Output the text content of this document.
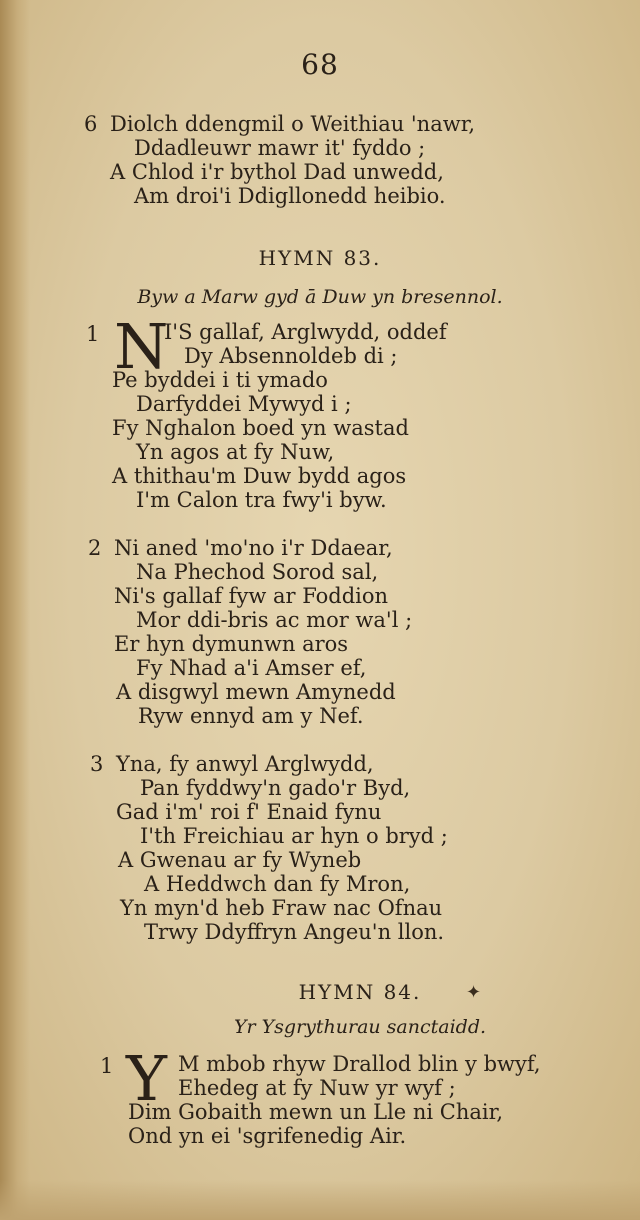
68
6 Diolch ddengmil o Weithiau 'nawr,
Ddadleuwr mawr it' fyddo ;
A Chlod i'r bythol Dad unwedd,
Am droi'i Ddigllonedd heibio.
HYMN 83.
Byw a Marw gyd ā Duw yn bresennol.
1 N
I'S gallaf, Arglwydd, oddef
Dy Absennoldeb di ;
Pe byddei i ti ymado
Darfyddei Mywyd i ;
Fy Nghalon boed yn wastad
Yn agos at fy Nuw,
A thithau'm Duw bydd agos
I'm Calon tra fwy'i byw.
2 Ni aned 'mo'no i'r Ddaear,
Na Phechod Sorod sal,
Ni's gallaf fyw ar Foddion
Mor ddi-bris ac mor wa'l ;
Er hyn dymunwn aros
Fy Nhad a'i Amser ef,
A disgwyl mewn Amynedd
Ryw ennyd am y Nef.
3 Yna, fy anwyl Arglwydd,
Pan fyddwy'n gado'r Byd,
Gad i'm' roi f' Enaid fynu
I'th Freichiau ar hyn o bryd ;
A Gwenau ar fy Wyneb
A Heddwch dan fy Mron,
Yn myn'd heb Fraw nac Ofnau
Trwy Ddyffryn Angeu'n llon.
HYMN 84.	✦
Yr Ysgrythurau sanctaidd.
1 Y M mbob rhyw Drallod blin y bwyf,
Ehedeg at fy Nuw yr wyf ;
Dim Gobaith mewn un Lle ni Chair,
Ond yn ei 'sgrifenedig Air.
